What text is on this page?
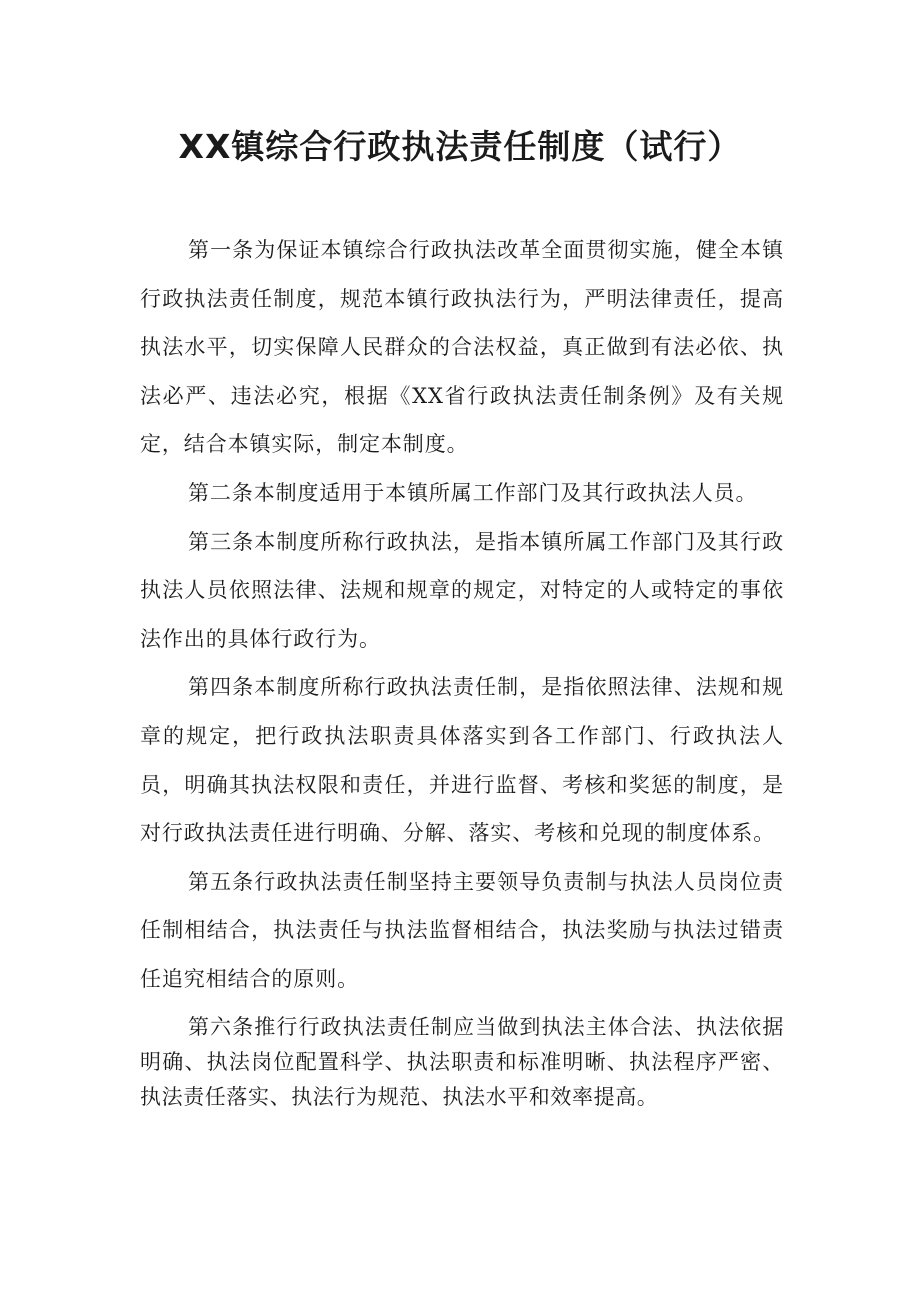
XX镇综合行政执法责任制度（试行）

第一条为保证本镇综合行政执法改革全面贯彻实施，健全本镇行政执法责任制度，规范本镇行政执法行为，严明法律责任，提高执法水平，切实保障人民群众的合法权益，真正做到有法必依、执法必严、违法必究，根据《XX省行政执法责任制条例》及有关规定，结合本镇实际，制定本制度。

第二条本制度适用于本镇所属工作部门及其行政执法人员。

第三条本制度所称行政执法，是指本镇所属工作部门及其行政执法人员依照法律、法规和规章的规定，对特定的人或特定的事依法作出的具体行政行为。

第四条本制度所称行政执法责任制，是指依照法律、法规和规章的规定，把行政执法职责具体落实到各工作部门、行政执法人员，明确其执法权限和责任，并进行监督、考核和奖惩的制度，是对行政执法责任进行明确、分解、落实、考核和兑现的制度体系。

第五条行政执法责任制坚持主要领导负责制与执法人员岗位责任制相结合，执法责任与执法监督相结合，执法奖励与执法过错责任追究相结合的原则。

第六条推行行政执法责任制应当做到执法主体合法、执法依据明确、执法岗位配置科学、执法职责和标准明晰、执法程序严密、执法责任落实、执法行为规范、执法水平和效率提高。
